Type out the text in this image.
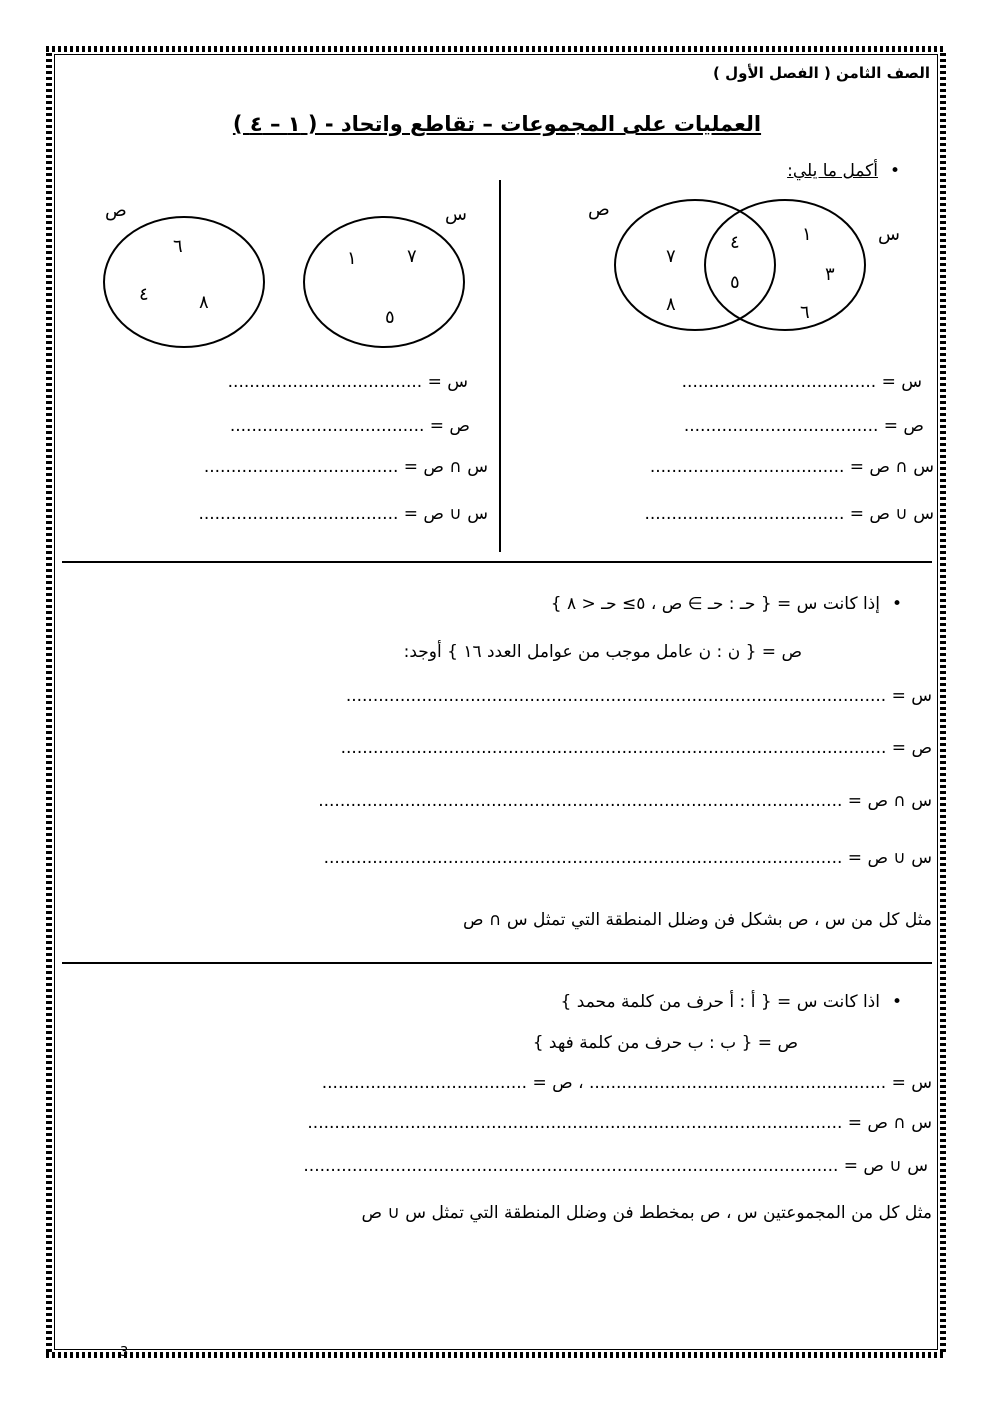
الصف الثامن ( الفصل الأول )
العمليات على المجموعات – تقاطع واتحاد - ( ١ – ٤ )
•أكمل ما يلي:
ص
س
٧
٨
٤
٥
١
٣
٦
ص	س
١	٧
٥
٦
٤	٨
س = ....................................
ص = ....................................
س ∩ ص = ....................................
س ∪ ص = .....................................
س = ....................................
ص = ....................................
س ∩ ص = ....................................
س ∪ ص = .....................................
•إذا كانت س = { حـ : حـ ∋ ص ، ٥≥ حـ < ٨ }
ص = { ن : ن عامل موجب من عوامل العدد ١٦ } أوجد:
س = ....................................................................................................
ص = .....................................................................................................
س ∩ ص = .................................................................................................
س ∪ ص = ................................................................................................
مثل كل من س ، ص بشكل فن وضلل المنطقة التي تمثل س ∩ ص
•اذا كانت س = { أ : أ حرف من كلمة محمد }
ص = { ب : ب حرف من كلمة فهد }
س = ....................................................... ، ص = ......................................
س ∩ ص = ...................................................................................................
س ∪ ص = ...................................................................................................
مثل كل من المجموعتين س ، ص بمخطط فن وضلل المنطقة التي تمثل س ∪ ص
3
